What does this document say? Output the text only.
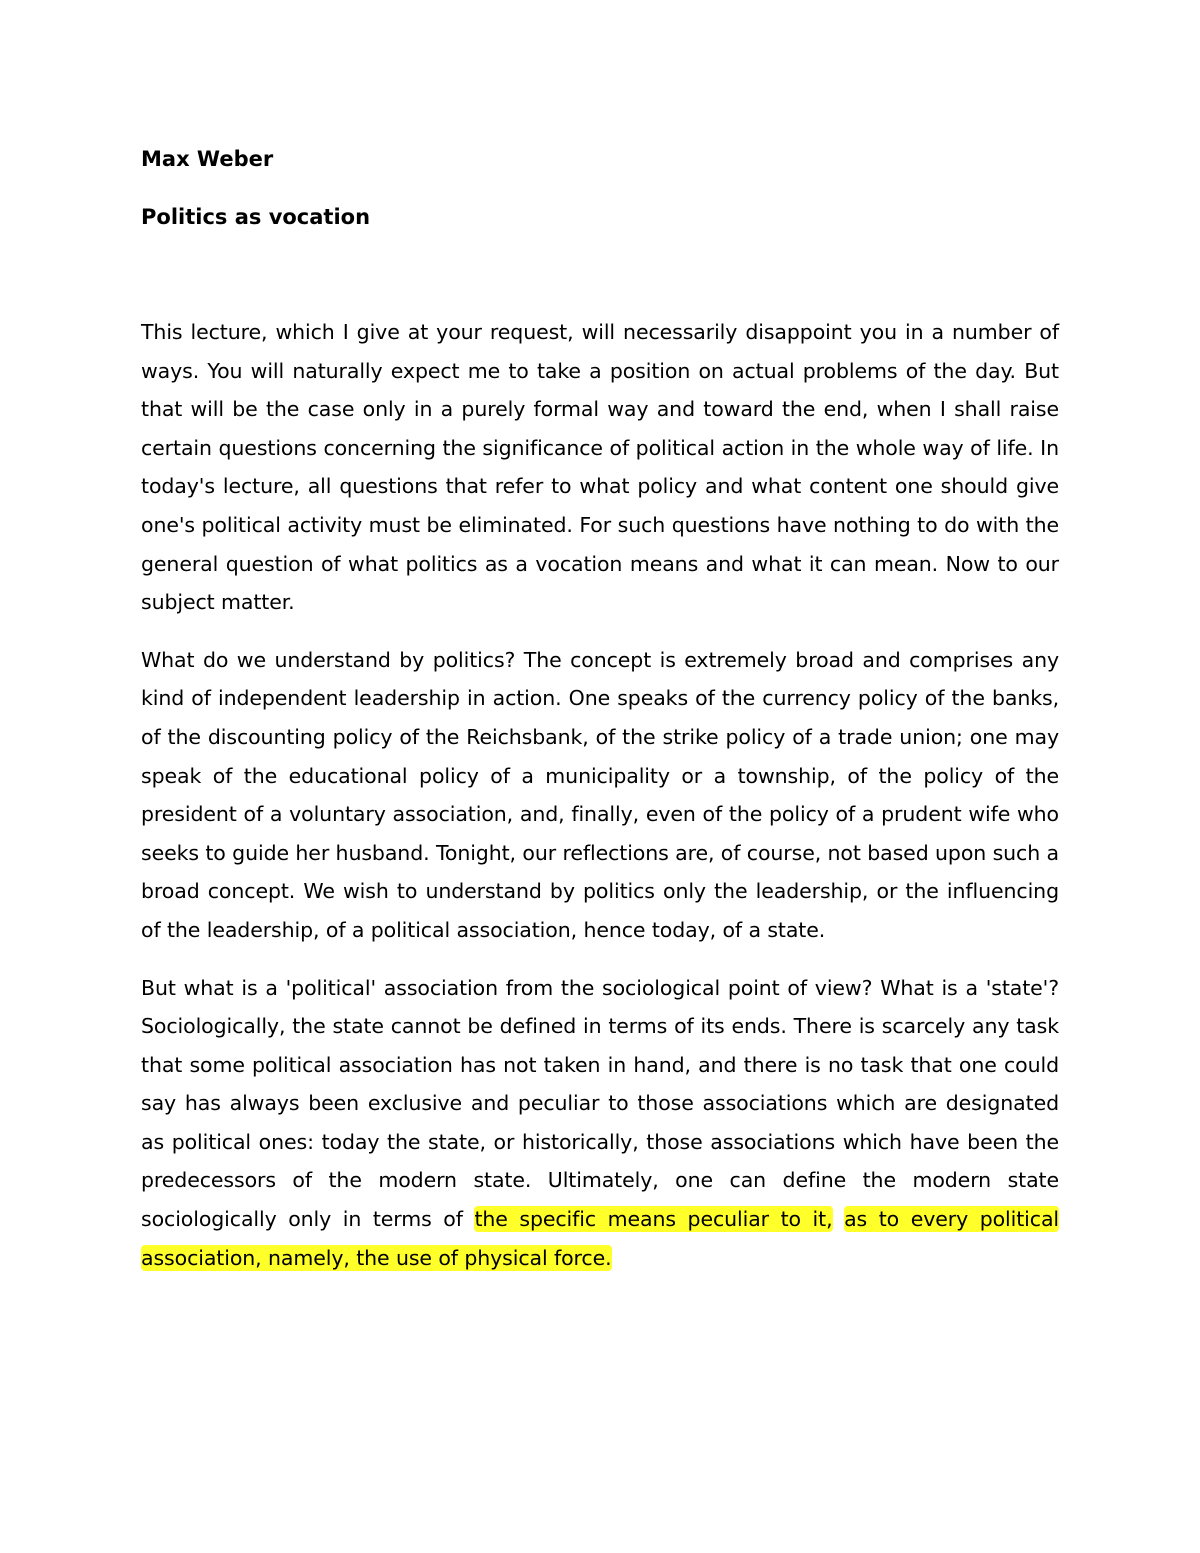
Max Weber

Politics as vocation

This lecture, which I give at your request, will necessarily disappoint you in a number of ways. You will naturally expect me to take a position on actual problems of the day. But that will be the case only in a purely formal way and toward the end, when I shall raise certain questions concerning the significance of political action in the whole way of life. In today's lecture, all questions that refer to what policy and what content one should give one's political activity must be eliminated. For such questions have nothing to do with the general question of what politics as a vocation means and what it can mean. Now to our subject matter.

What do we understand by politics? The concept is extremely broad and comprises any kind of independent leadership in action. One speaks of the currency policy of the banks, of the discounting policy of the Reichsbank, of the strike policy of a trade union; one may speak of the educational policy of a municipality or a township, of the policy of the president of a voluntary association, and, finally, even of the policy of a prudent wife who seeks to guide her husband. Tonight, our reflections are, of course, not based upon such a broad concept. We wish to understand by politics only the leadership, or the influencing of the leadership, of a political association, hence today, of a state.

But what is a 'political' association from the sociological point of view? What is a 'state'? Sociologically, the state cannot be defined in terms of its ends. There is scarcely any task that some political association has not taken in hand, and there is no task that one could say has always been exclusive and peculiar to those associations which are designated as political ones: today the state, or historically, those associations which have been the predecessors of the modern state. Ultimately, one can define the modern state sociologically only in terms of the specific means peculiar to it, as to every political association, namely, the use of physical force.
